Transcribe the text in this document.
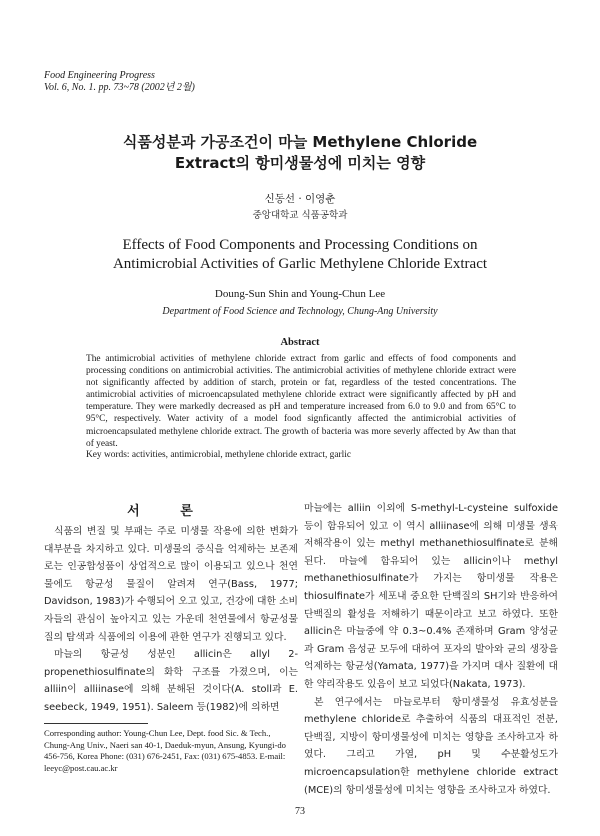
Food Engineering Progress
Vol. 6, No. 1. pp. 73~78 (2002년 2월)
식품성분과 가공조건이 마늘 Methylene Chloride
Extract의 항미생물성에 미치는 영향
신동선 · 이영춘
중앙대학교 식품공학과
Effects of Food Components and Processing Conditions on
Antimicrobial Activities of Garlic Methylene Chloride Extract
Doung-Sun Shin and Young-Chun Lee
Department of Food Science and Technology, Chung-Ang University
Abstract
The antimicrobial activities of methylene chloride extract from garlic and effects of food components and processing conditions on antimicrobial activities. The antimicrobial activities of methylene chloride extract were not significantly affected by addition of starch, protein or fat, regardless of the tested concentrations. The antimicrobial activities of microencapsulated methylene chloride extract were significantly affected by pH and temperature. They were markedly decreased as pH and temperature increased from 6.0 to 9.0 and from 65°C to 95°C, respectively. Water activity of a model food signficantly affected the antimicrobial activities of microencapsulated methylene chloride extract. The growth of bacteria was more severly affected by Aw than that of yeast.
Key words: activities, antimicrobial, methylene chloride extract, garlic
서 론

식품의 변질 및 부패는 주로 미생물 작용에 의한 변화가 대부분을 차지하고 있다. 미생물의 증식을 억제하는 보존제로는 인공합성품이 상업적으로 많이 이용되고 있으나 천연물에도 항균성 물질이 알려져 연구(Bass, 1977; Davidson, 1983)가 수행되어 오고 있고, 건강에 대한 소비자들의 관심이 높아지고 있는 가운데 천연물에서 항균성물질의 탐색과 식품에의 이용에 관한 연구가 진행되고 있다.

마늘의 항균성 성분인 allicin은 allyl 2-propenethiosulfinate의 화학 구조를 가졌으며, 이는 alliin이 alliinase에 의해 분해된 것이다(A. stoll과 E. seebeck, 1949, 1951). Saleem 등(1982)에 의하면

마늘에는 alliin 이외에 S-methyl-L-cysteine sulfoxide 등이 함유되어 있고 이 역시 alliinase에 의해 미생물 생육 저해작용이 있는 methyl methanethiosulfinate로 분해된다. 마늘에 함유되어 있는 allicin이나 methyl methanethiosulfinate가 가지는 항미생물 작용은 thiosulfinate가 세포내 중요한 단백질의 SH기와 반응하여 단백질의 활성을 저해하기 때문이라고 보고 하였다. 또한 allicin은 마늘중에 약 0.3~0.4% 존재하며 Gram 양성균과 Gram 음성균 모두에 대하여 포자의 발아와 균의 생장을 억제하는 항균성(Yamata, 1977)을 가지며 대사 질환에 대한 약리작용도 있음이 보고 되었다(Nakata, 1973).

본 연구에서는 마늘로부터 항미생물성 유효성분을 methylene chloride로 추출하여 식품의 대표적인 전분, 단백질, 지방이 항미생물성에 미치는 영향을 조사하고자 하였다. 그리고 가열, pH 및 수분활성도가 microencapsulation한 methylene chloride extract (MCE)의 항미생물성에 미치는 영향을 조사하고자 하였다.

Corresponding author: Young-Chun Lee, Dept. food Sic. & Tech., Chung-Ang Univ., Naeri san 40-1, Daeduk-myun, Ansung, Kyungi-do 456-756, Korea Phone: (031) 676-2451, Fax: (031) 675-4853. E-mail: leeyc@post.cau.ac.kr
73
